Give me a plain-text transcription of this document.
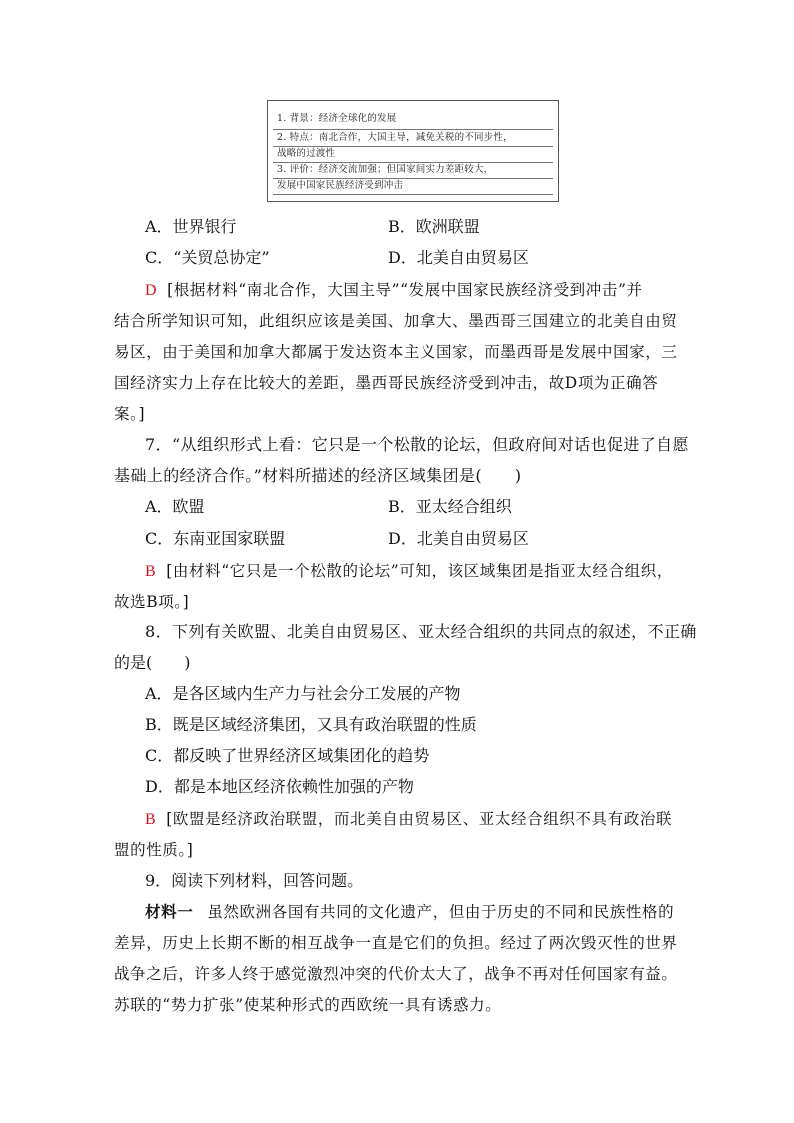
1. 背景：经济全球化的发展
2. 特点：南北合作，大国主导，减免关税的不同步性，
战略的过渡性
3. 评价：经济交流加强；但国家间实力差距较大，
发展中国家民族经济受到冲击
A．世界银行	B．欧洲联盟
C．“关贸总协定”	D．北美自由贸易区
D [根据材料“南北合作，大国主导”“发展中国家民族经济受到冲击”并
结合所学知识可知，此组织应该是美国、加拿大、墨西哥三国建立的北美自由贸
易区，由于美国和加拿大都属于发达资本主义国家，而墨西哥是发展中国家，三
国经济实力上存在比较大的差距，墨西哥民族经济受到冲击，故D项为正确答
案。]
7．“从组织形式上看：它只是一个松散的论坛，但政府间对话也促进了自愿
基础上的经济合作。”材料所描述的经济区域集团是(　　)
A．欧盟	B．亚太经合组织
C．东南亚国家联盟	D．北美自由贸易区
B [由材料“它只是一个松散的论坛”可知，该区域集团是指亚太经合组织，
故选B项。]
8．下列有关欧盟、北美自由贸易区、亚太经合组织的共同点的叙述，不正确
的是(　　)
A．是各区域内生产力与社会分工发展的产物
B．既是区域经济集团，又具有政治联盟的性质
C．都反映了世界经济区域集团化的趋势
D．都是本地区经济依赖性加强的产物
B [欧盟是经济政治联盟，而北美自由贸易区、亚太经合组织不具有政治联
盟的性质。]
9．阅读下列材料，回答问题。
材料一 虽然欧洲各国有共同的文化遗产，但由于历史的不同和民族性格的
差异，历史上长期不断的相互战争一直是它们的负担。经过了两次毁灭性的世界
战争之后，许多人终于感觉激烈冲突的代价太大了，战争不再对任何国家有益。
苏联的“势力扩张”使某种形式的西欧统一具有诱惑力。
